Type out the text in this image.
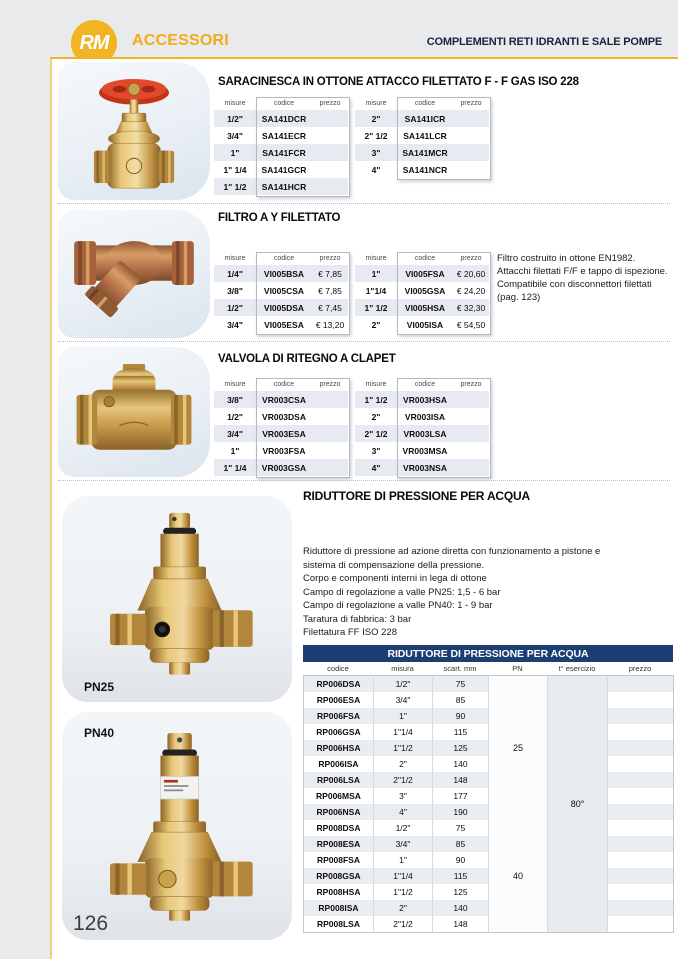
RM ACCESSORI	COMPLEMENTI RETI IDRANTI E SALE POMPE
SARACINESCA IN OTTONE ATTACCO FILETTATO F - F GAS ISO 228
misure	codice	prezzo
1/2"	SA141DCR
3/4"	SA141ECR
1"	SA141FCR
1" 1/4	SA141GCR
1" 1/2	SA141HCR
misure	codice	prezzo
2"	SA141ICR
2" 1/2	SA141LCR
3"	SA141MCR
4"	SA141NCR
FILTRO A Y FILETTATO
misure	codice	prezzo
1/4"	VI005BSA	€ 7,85
3/8"	VI005CSA	€ 7,85
1/2"	VI005DSA	€ 7,45
3/4"	VI005ESA	€ 13,20
misure	codice	prezzo
1"	VI005FSA	€ 20,60
1"1/4	VI005GSA	€ 24,20
1" 1/2	VI005HSA	€ 32,30
2"	VI005ISA	€ 54,50
Filtro costruito in ottone EN1982.
Attacchi filettati F/F e tappo di ispezione.
Compatibile con disconnettori filettati
(pag. 123)
VALVOLA DI RITEGNO A CLAPET
misure	codice	prezzo
3/8"	VR003CSA
1/2"	VR003DSA
3/4"	VR003ESA
1"	VR003FSA
1" 1/4	VR003GSA
misure	codice	prezzo
1" 1/2	VR003HSA
2"	VR003ISA
2" 1/2	VR003LSA
3"	VR003MSA
4"	VR003NSA
RIDUTTORE DI PRESSIONE PER ACQUA
PN25
PN40
Riduttore di pressione ad azione diretta con funzionamento a pistone e
sistema di compensazione della pressione.
Corpo e componenti interni in lega di ottone
Campo di regolazione a valle PN25: 1,5 - 6 bar
Campo di regolazione a valle PN40: 1 - 9 bar
Taratura di fabbrica: 3 bar
Filettatura FF ISO 228
RIDUTTORE DI PRESSIONE PER ACQUA
codice	misura	scart. mm	PN	t° esercizio	prezzo
RP006DSA	1/2"	75	25	80°	
RP006ESA	3/4"	85			
RP006FSA	1"	90			
RP006GSA	1"1/4	115			
RP006HSA	1"1/2	125			
RP006ISA	2"	140			
RP006LSA	2"1/2	148			
RP006MSA	3"	177			
RP006NSA	4"	190			
RP008DSA	1/2"	75	40		
RP008ESA	3/4"	85			
RP008FSA	1"	90			
RP008GSA	1"1/4	115			
RP008HSA	1"1/2	125			
RP008ISA	2"	140			
RP008LSA	2"1/2	148			
126
